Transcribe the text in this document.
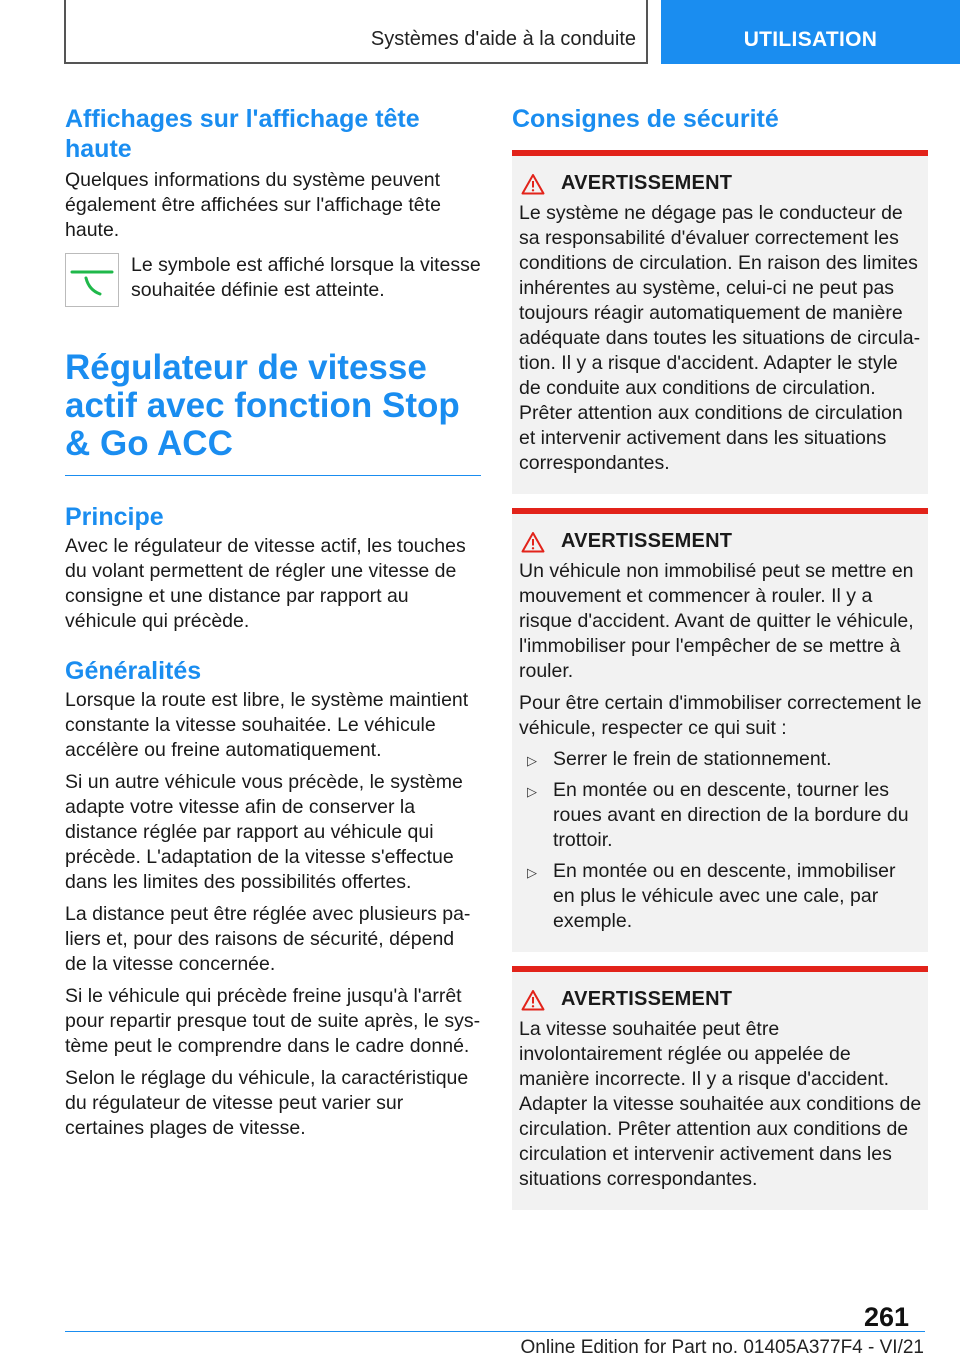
Systèmes d'aide à la conduite	UTILISATION
Affichages sur l'affichage tête haute

Quelques informations du système peuvent également être affichées sur l'affichage tête haute.

Le symbole est affiché lorsque la vitesse souhaitée définie est atteinte.

Régulateur de vitesse actif avec fonction Stop & Go ACC
Principe

Avec le régulateur de vitesse actif, les touches du volant permettent de régler une vitesse de consigne et une distance par rapport au véhicule qui précède.

Généralités

Lorsque la route est libre, le système maintient constante la vitesse souhaitée. Le véhicule accélère ou freine automatiquement.

Si un autre véhicule vous précède, le système adapte votre vitesse afin de conserver la distance réglée par rapport au véhicule qui précède. L'adaptation de la vitesse s'effectue dans les limites des possibilités offertes.

La distance peut être réglée avec plusieurs paliers et, pour des raisons de sécurité, dépend de la vitesse concernée.

Si le véhicule qui précède freine jusqu'à l'arrêt pour repartir presque tout de suite après, le système peut le comprendre dans le cadre donné.

Selon le réglage du véhicule, la caractéristique du régulateur de vitesse peut varier sur certaines plages de vitesse.

Consignes de sécurité
AVERTISSEMENT

Le système ne dégage pas le conducteur de sa responsabilité d'évaluer correctement les conditions de circulation. En raison des limites inhérentes au système, celui-ci ne peut pas toujours réagir automatiquement de manière adéquate dans toutes les situations de circulation. Il y a risque d'accident. Adapter le style de conduite aux conditions de circulation. Prêter attention aux conditions de circulation et intervenir activement dans les situations correspondantes.

AVERTISSEMENT

Un véhicule non immobilisé peut se mettre en mouvement et commencer à rouler. Il y a risque d'accident. Avant de quitter le véhicule, l'immobiliser pour l'empêcher de se mettre à rouler.

Pour être certain d'immobiliser correctement le véhicule, respecter ce qui suit :

▷ Serrer le frein de stationnement.

▷ En montée ou en descente, tourner les roues avant en direction de la bordure du trottoir.

▷ En montée ou en descente, immobiliser en plus le véhicule avec une cale, par exemple.

AVERTISSEMENT

La vitesse souhaitée peut être involontairement réglée ou appelée de manière incorrecte. Il y a risque d'accident. Adapter la vitesse souhaitée aux conditions de circulation. Prêter attention aux conditions de circulation et intervenir activement dans les situations correspondantes.

261
Online Edition for Part no. 01405A377F4 - VI/21
